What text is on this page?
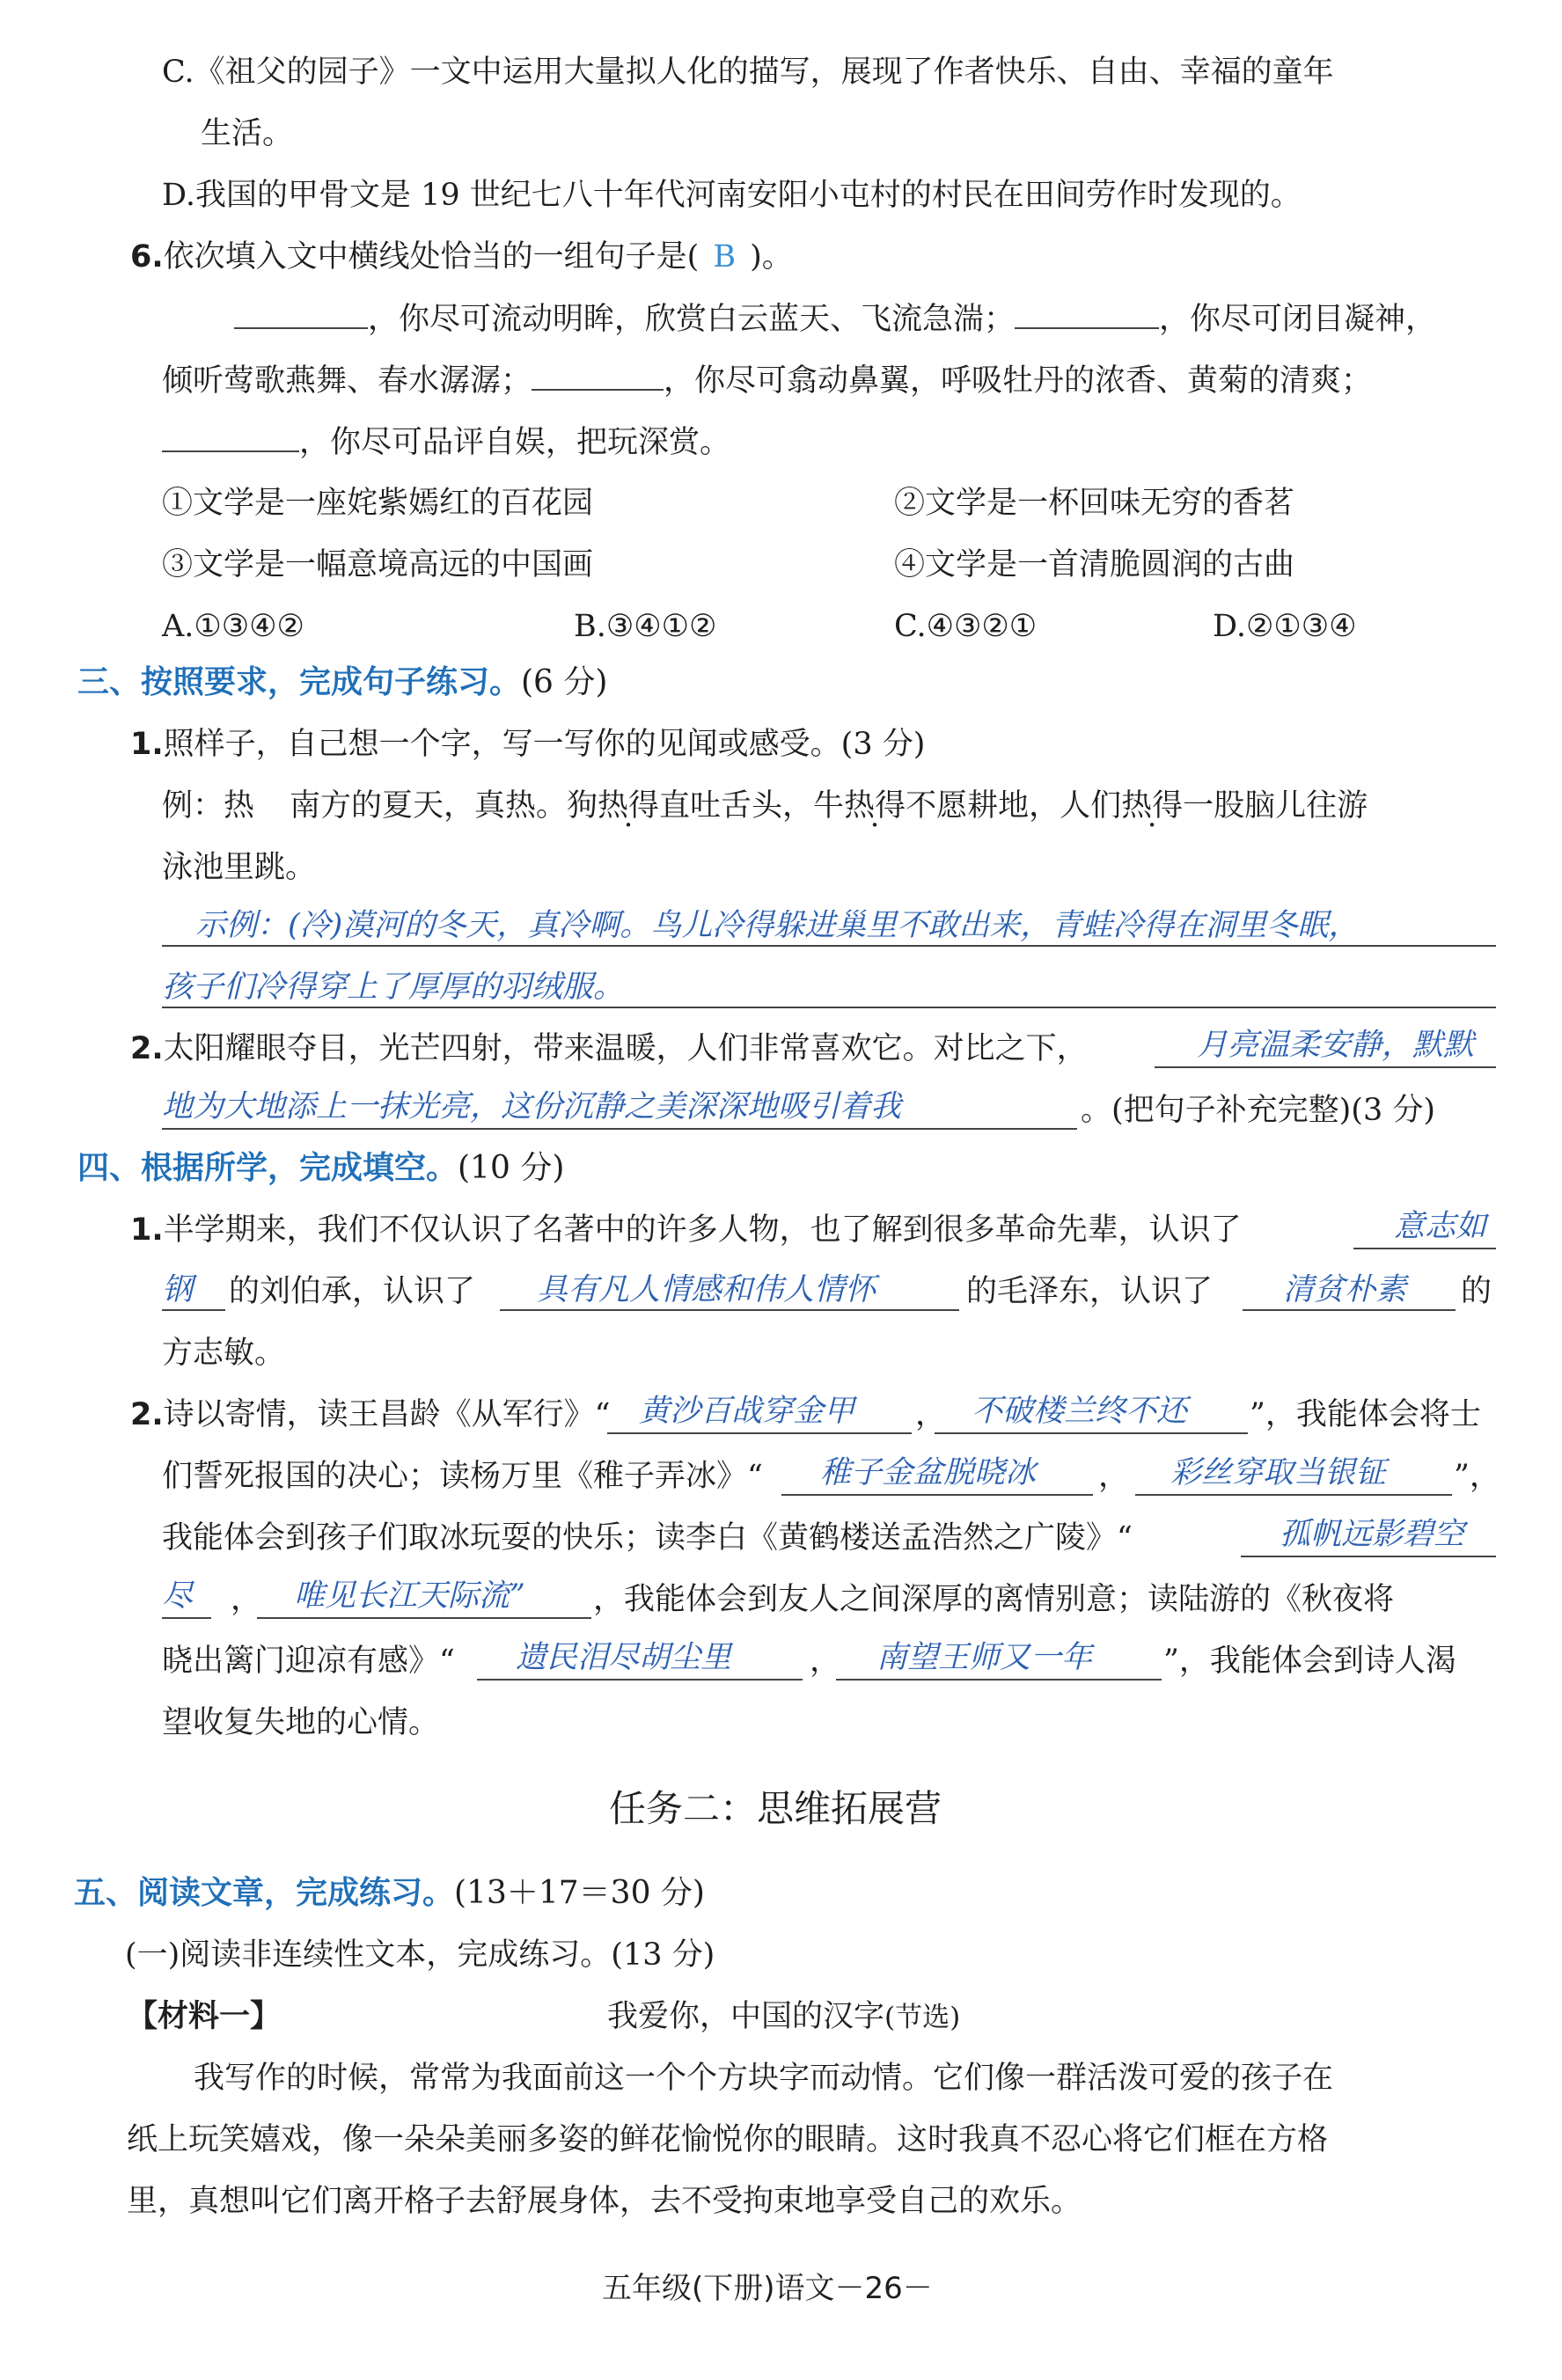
C.《祖父的园子》一文中运用大量拟人化的描写，展现了作者快乐、自由、幸福的童年
生活。
D.我国的甲骨文是 19 世纪七八十年代河南安阳小屯村的村民在田间劳作时发现的。
6.依次填入文中横线处恰当的一组句子是( B )。
，你尽可流动明眸，欣赏白云蓝天、飞流急湍；	，你尽可闭目凝神，
倾听莺歌燕舞、春水潺潺；	，你尽可翕动鼻翼，呼吸牡丹的浓香、黄菊的清爽；
，你尽可品评自娱，把玩深赏。
①文学是一座姹紫嫣红的百花园	②文学是一杯回味无穷的香茗
③文学是一幅意境高远的中国画	④文学是一首清脆圆润的古曲
A.①③④②	B.③④①②	C.④③②①	D.②①③④
三、按照要求，完成句子练习。(6 分)
1.照样子，自己想一个字，写一写你的见闻或感受。(3 分)
例：热 南方的夏天，真热。狗热得直吐舌头，牛热得不愿耕地，人们热得一股脑儿往游
泳池里跳。
示例：(冷)漠河的冬天，真冷啊。鸟儿冷得躲进巢里不敢出来，青蛙冷得在洞里冬眠，
孩子们冷得穿上了厚厚的羽绒服。
2.太阳耀眼夺目，光芒四射，带来温暖，人们非常喜欢它。对比之下，	月亮温柔安静，默默
地为大地添上一抹光亮，这份沉静之美深深地吸引着我	。(把句子补充完整)(3 分)
四、根据所学，完成填空。(10 分)
1.半学期来，我们不仅认识了名著中的许多人物，也了解到很多革命先辈，认识了	意志如
钢 的刘伯承，认识了 具有凡人情感和伟人情怀	的毛泽东，认识了 清贫朴素 的
方志敏。
2.诗以寄情，读王昌龄《从军行》“ 黄沙百战穿金甲 ， 不破楼兰终不还 ”，我能体会将士
们誓死报国的决心；读杨万里《稚子弄冰》“ 稚子金盆脱晓冰 ， 彩丝穿取当银钲 ”，
我能体会到孩子们取冰玩耍的快乐；读李白《黄鹤楼送孟浩然之广陵》“	孤帆远影碧空
尽 ， 唯见长江天际流” ，我能体会到友人之间深厚的离情别意；读陆游的《秋夜将
晓出篱门迎凉有感》“ 遗民泪尽胡尘里	， 南望王师又一年 ”，我能体会到诗人渴
望收复失地的心情。
任务二：思维拓展营
五、阅读文章，完成练习。(13＋17＝30 分)
(一)阅读非连续性文本，完成练习。(13 分)
【材料一】	我爱你，中国的汉字(节选)
我写作的时候，常常为我面前这一个个方块字而动情。它们像一群活泼可爱的孩子在
纸上玩笑嬉戏，像一朵朵美丽多姿的鲜花愉悦你的眼睛。这时我真不忍心将它们框在方格
里，真想叫它们离开格子去舒展身体，去不受拘束地享受自己的欢乐。
五年级(下册)语文－26－
